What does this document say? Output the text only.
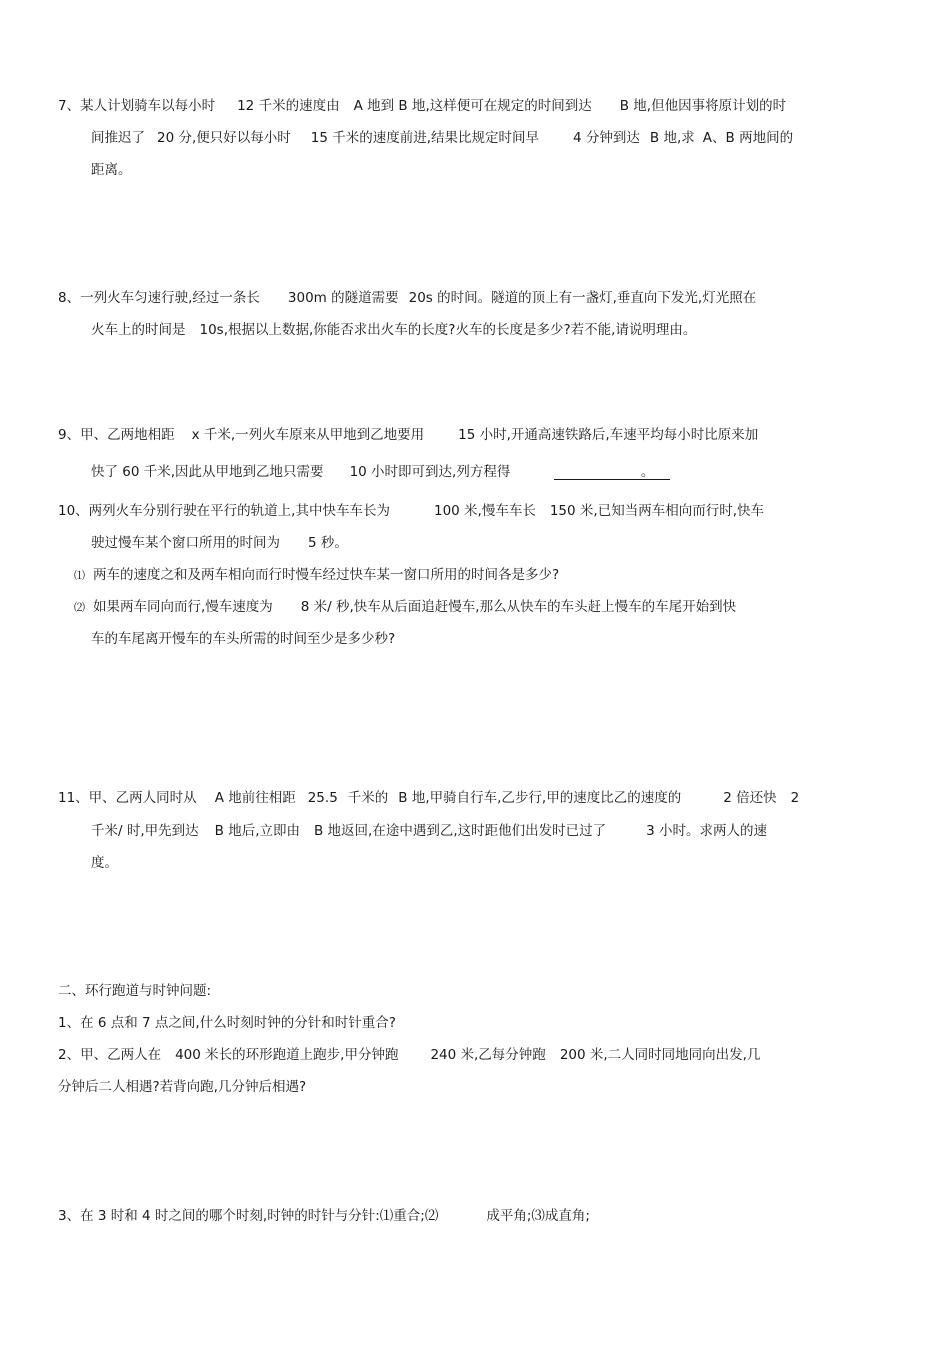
7、某人计划骑车以每小时 12 千米的速度由 A 地到 B 地,这样便可在规定的时间到达 B 地,但他因事将原计划的时
间推迟了 20 分,便只好以每小时 15 千米的速度前进,结果比规定时间早	4 分钟到达 B 地,求 A、B 两地间的
距离。
8、一列火车匀速行驶,经过一条长 300m 的隧道需要 20s 的时间。隧道的顶上有一盏灯,垂直向下发光,灯光照在
火车上的时间是 10s,根据以上数据,你能否求出火车的长度?火车的长度是多少?若不能,请说明理由。
9、甲、乙两地相距 x 千米,一列火车原来从甲地到乙地要用	15 小时,开通高速铁路后,车速平均每小时比原来加
快了 60 千米,因此从甲地到乙地只需要 10 小时即可到达,列方程得	。
10、两列火车分别行驶在平行的轨道上,其中快车车长为	100 米,慢车车长 150 米,已知当两车相向而行时,快车
驶过慢车某个窗口所用的时间为 5 秒。
⑴ 两车的速度之和及两车相向而行时慢车经过快车某一窗口所用的时间各是多少?
⑵ 如果两车同向而行,慢车速度为 8 米/ 秒,快车从后面追赶慢车,那么从快车的车头赶上慢车的车尾开始到快
车的车尾离开慢车的车头所需的时间至少是多少秒?
11、甲、乙两人同时从 A 地前往相距 25.5 千米的 B 地,甲骑自行车,乙步行,甲的速度比乙的速度的	2 倍还快 2
千米/ 时,甲先到达 B 地后,立即由 B 地返回,在途中遇到乙,这时距他们出发时已过了	3 小时。求两人的速
度。
二、环行跑道与时钟问题:
1、在 6 点和 7 点之间,什么时刻时钟的分针和时针重合?
2、甲、乙两人在 400 米长的环形跑道上跑步,甲分钟跑 240 米,乙每分钟跑 200 米,二人同时同地同向出发,几
分钟后二人相遇?若背向跑,几分钟后相遇?
3、在 3 时和 4 时之间的哪个时刻,时钟的时针与分针:⑴重合;⑵	成平角;⑶成直角;
